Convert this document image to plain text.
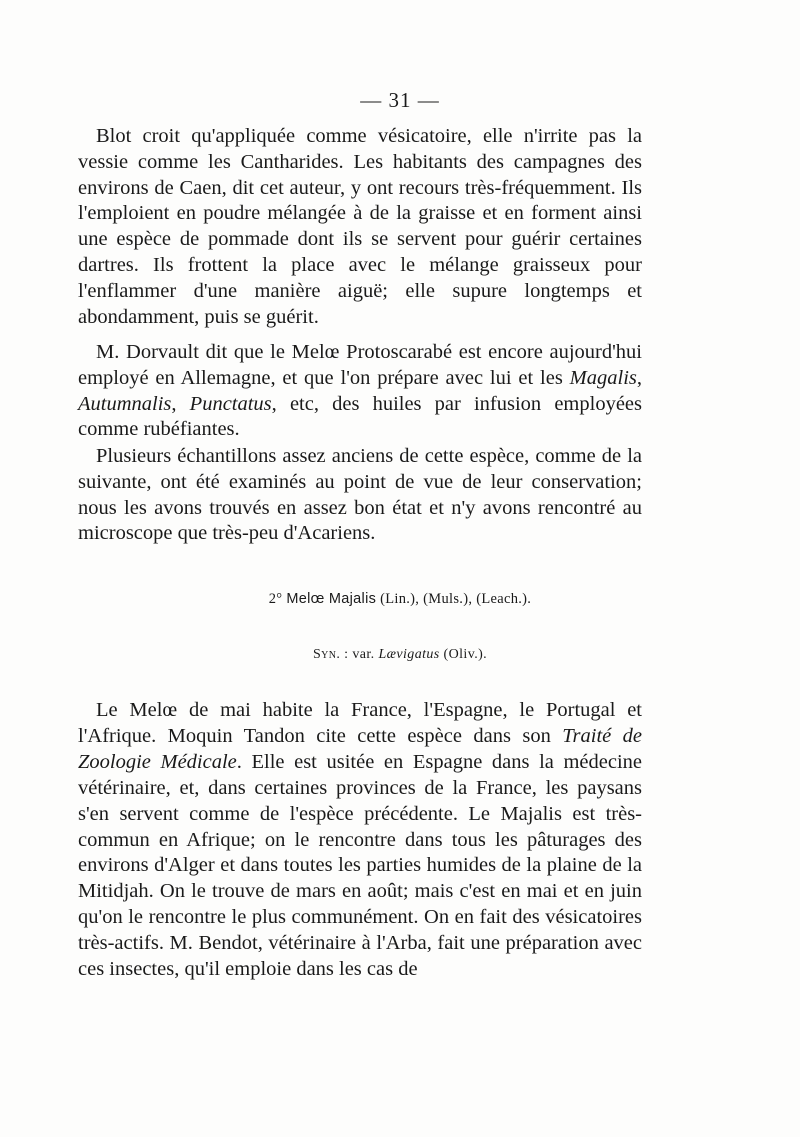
— 31 —

Blot croit qu'appliquée comme vésicatoire, elle n'irrite pas la vessie comme les Cantharides. Les habitants des campagnes des environs de Caen, dit cet auteur, y ont recours très-fréquemment. Ils l'emploient en poudre mélangée à de la graisse et en forment ainsi une espèce de pommade dont ils se servent pour guérir certaines dartres. Ils frottent la place avec le mélange graisseux pour l'enflammer d'une manière aiguë; elle supure longtemps et abondamment, puis se guérit.

M. Dorvault dit que le Melœ Protoscarabé est encore aujourd'hui employé en Allemagne, et que l'on prépare avec lui et les Magalis, Autumnalis, Punctatus, etc, des huiles par infusion employées comme rubéfiantes.

Plusieurs échantillons assez anciens de cette espèce, comme de la suivante, ont été examinés au point de vue de leur conservation; nous les avons trouvés en assez bon état et n'y avons rencontré au microscope que très-peu d'Acariens.

2° Melœ Majalis (Lin.), (Muls.), (Leach.).
Syn. : var. Lævigatus (Oliv.).

Le Melœ de mai habite la France, l'Espagne, le Portugal et l'Afrique. Moquin Tandon cite cette espèce dans son Traité de Zoologie Médicale. Elle est usitée en Espagne dans la médecine vétérinaire, et, dans certaines provinces de la France, les paysans s'en servent comme de l'espèce précédente. Le Majalis est très-commun en Afrique; on le rencontre dans tous les pâturages des environs d'Alger et dans toutes les parties humides de la plaine de la Mitidjah. On le trouve de mars en août; mais c'est en mai et en juin qu'on le rencontre le plus communément. On en fait des vésicatoires très-actifs. M. Bendot, vétérinaire à l'Arba, fait une préparation avec ces insectes, qu'il emploie dans les cas de
